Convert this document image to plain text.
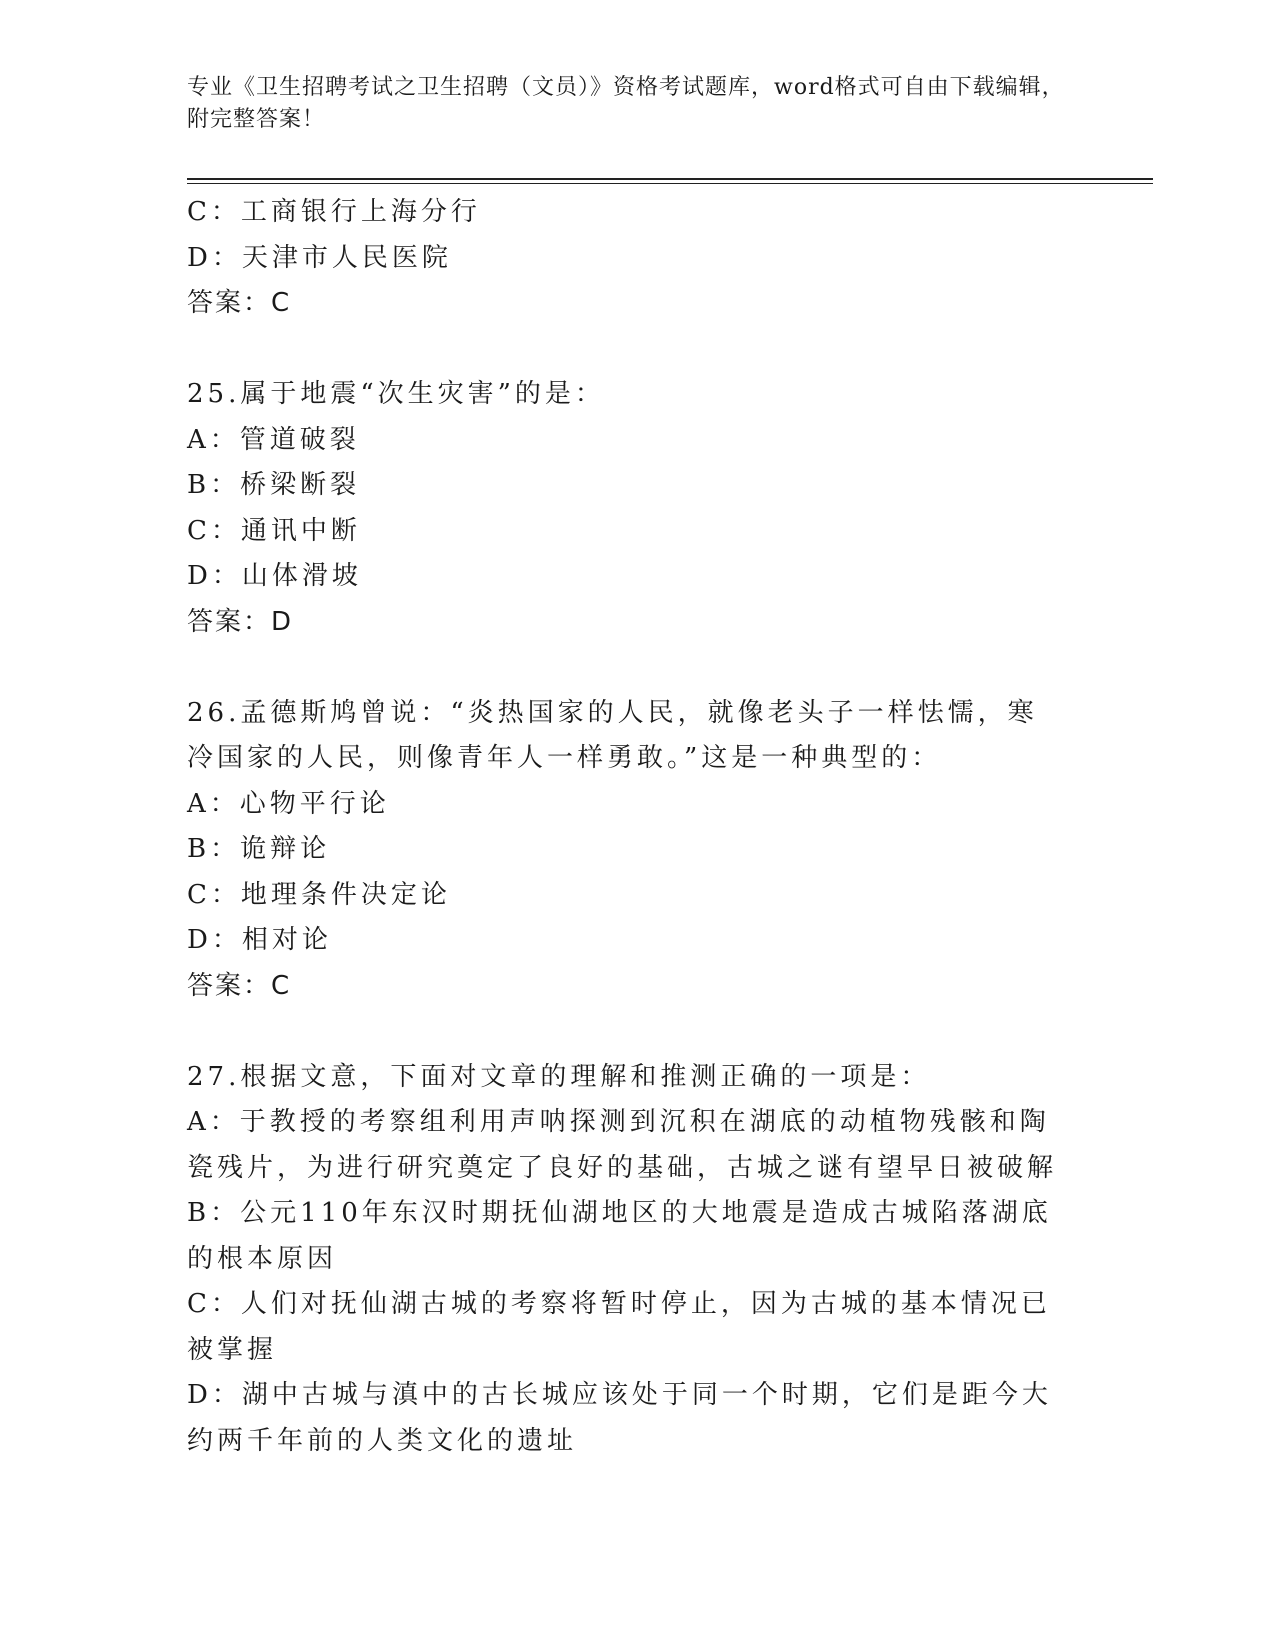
专业《卫生招聘考试之卫生招聘（文员）》资格考试题库，word格式可自由下载编辑，附完整答案！
C：工商银行上海分行
D：天津市人民医院
答案：C
25.属于地震“次生灾害”的是：
A：管道破裂
B：桥梁断裂
C：通讯中断
D：山体滑坡
答案：D
26.孟德斯鸠曾说：“炎热国家的人民，就像老头子一样怯懦，寒冷国家的人民，则像青年人一样勇敢。”这是一种典型的：
A：心物平行论
B：诡辩论
C：地理条件决定论
D：相对论
答案：C
27.根据文意，下面对文章的理解和推测正确的一项是：
A：于教授的考察组利用声呐探测到沉积在湖底的动植物残骸和陶瓷残片，为进行研究奠定了良好的基础，古城之谜有望早日被破解
B：公元110年东汉时期抚仙湖地区的大地震是造成古城陷落湖底的根本原因
C：人们对抚仙湖古城的考察将暂时停止，因为古城的基本情况已被掌握
D：湖中古城与滇中的古长城应该处于同一个时期，它们是距今大约两千年前的人类文化的遗址
